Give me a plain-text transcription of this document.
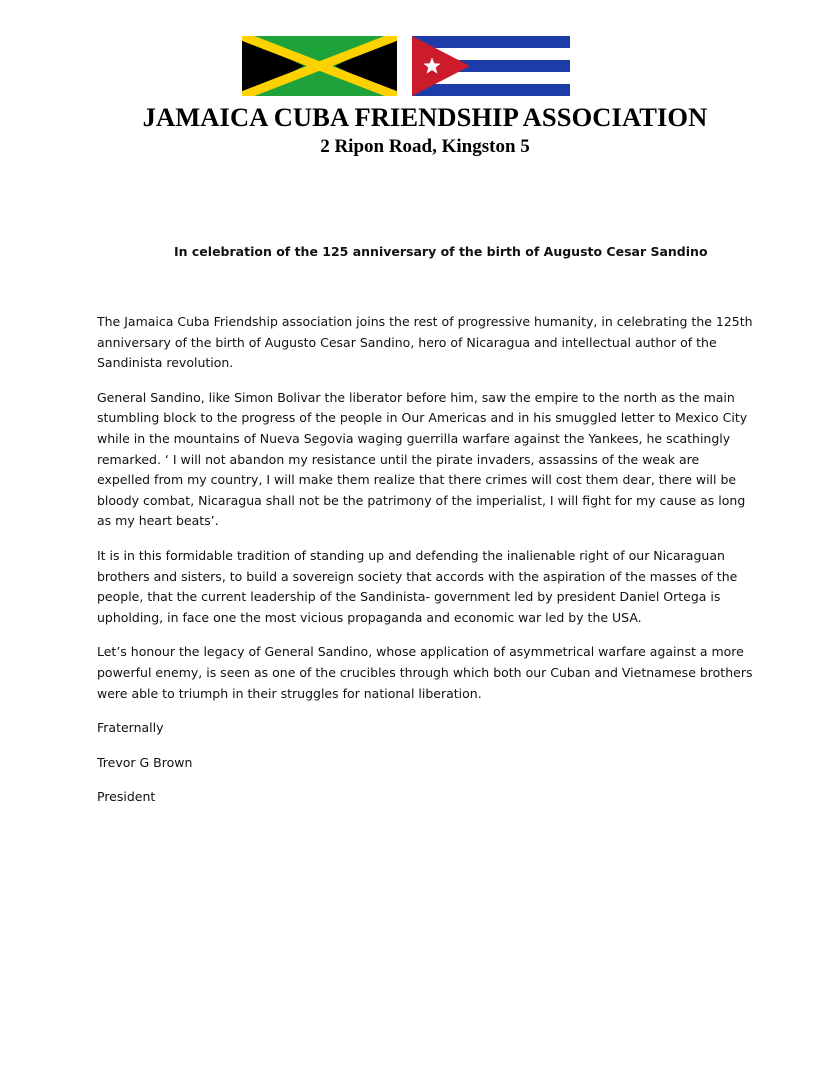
JAMAICA CUBA FRIENDSHIP ASSOCIATION
2 Ripon Road, Kingston 5
In celebration of the 125 anniversary of the birth of Augusto Cesar Sandino

The Jamaica Cuba Friendship association joins the rest of progressive humanity, in celebrating the 125th anniversary of the birth of Augusto Cesar Sandino, hero of Nicaragua and intellectual author of the Sandinista revolution.

General Sandino, like Simon Bolivar the liberator before him, saw the empire to the north as the main stumbling block to the progress of the people in Our Americas and in his smuggled letter to Mexico City while in the mountains of Nueva Segovia waging guerrilla warfare against the Yankees, he scathingly remarked. ‘ I will not abandon my resistance until the pirate invaders, assassins of the weak are expelled from my country, I will make them realize that there crimes will cost them dear, there will be bloody combat, Nicaragua shall not be the patrimony of the imperialist, I will fight for my cause as long as my heart beats’.

It is in this formidable tradition of standing up and defending the inalienable right of our Nicaraguan brothers and sisters, to build a sovereign society that accords with the aspiration of the masses of the people, that the current leadership of the Sandinista- government led by president Daniel Ortega is upholding, in face one the most vicious propaganda and economic war led by the USA.

Let’s honour the legacy of General Sandino, whose application of asymmetrical warfare against a more powerful enemy, is seen as one of the crucibles through which both our Cuban and Vietnamese brothers were able to triumph in their struggles for national liberation.

Fraternally

Trevor G Brown

President
